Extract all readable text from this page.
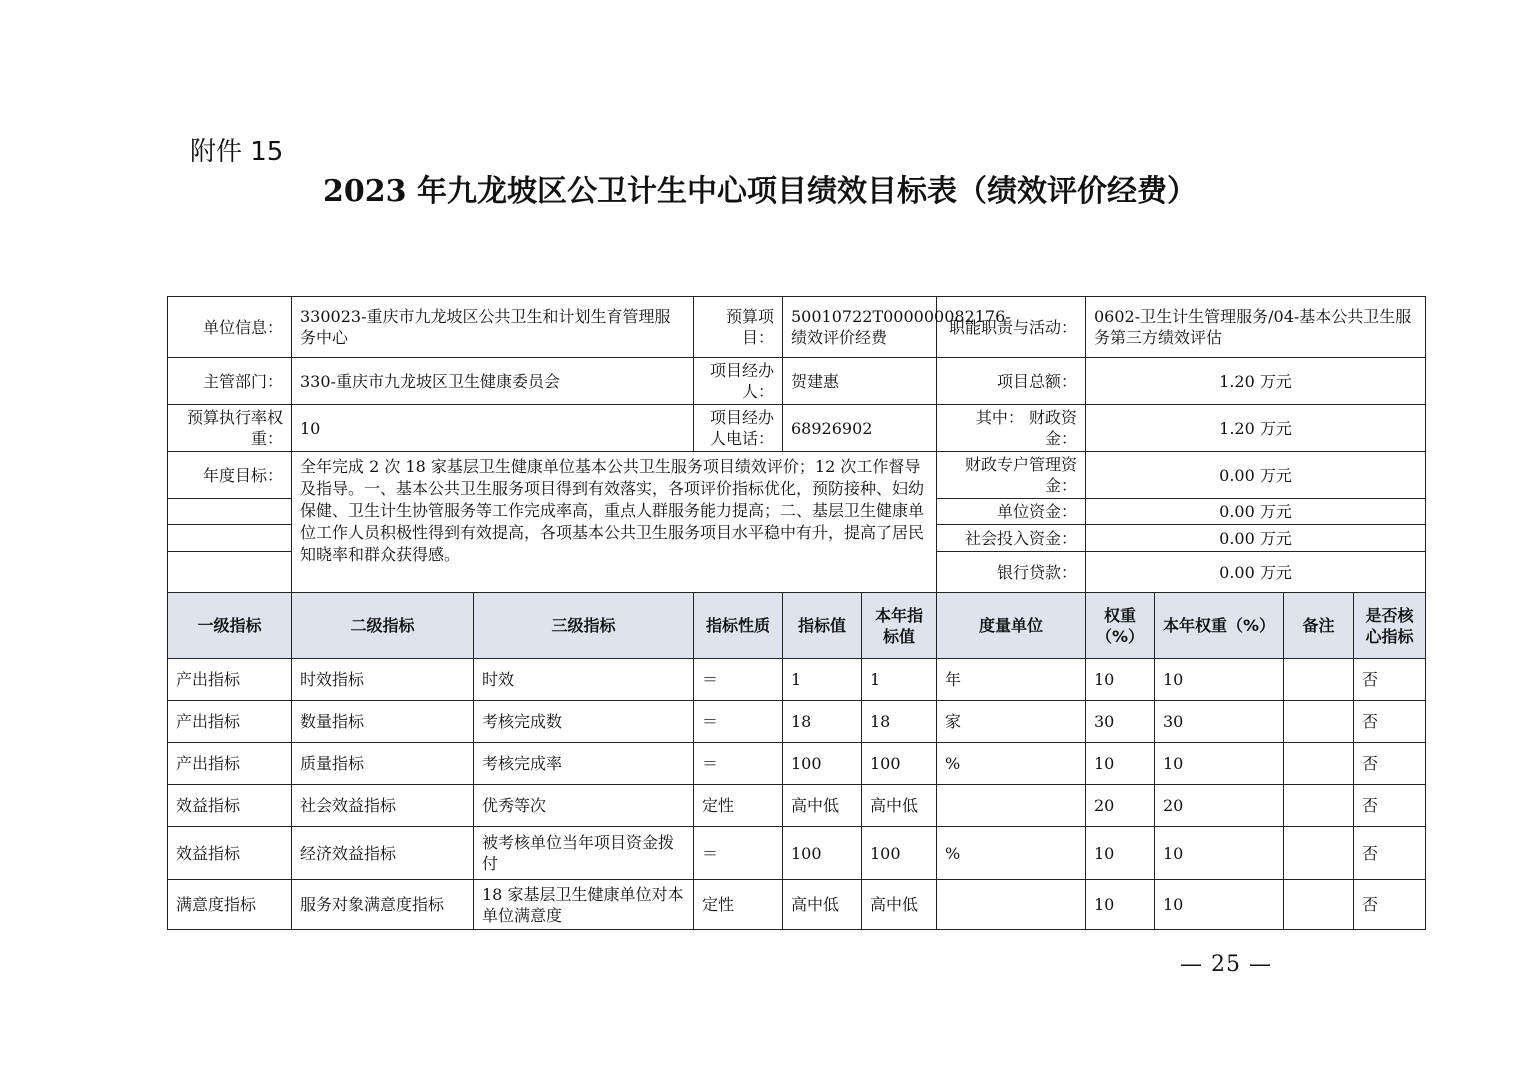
附件 15
2023 年九龙坡区公卫计生中心项目绩效目标表（绩效评价经费）
单位信息：	330023-重庆市九龙坡区公共卫生和计划生育管理服务中心		预算项目：	50010722T000000082176-绩效评价经费		职能职责与活动：	0602-卫生计生管理服务/04-基本公共卫生服务第三方绩效评估			
主管部门：	330-重庆市九龙坡区卫生健康委员会		项目经办人：	贺建惠		项目总额：	1.20 万元			
预算执行率权重：	10		项目经办人电话：	68926902		其中： 财政资金：	1.20 万元			
年度目标：	全年完成 2 次 18 家基层卫生健康单位基本公共卫生服务项目绩效评价；12 次工作督导及指导。一、基本公共卫生服务项目得到有效落实，各项评价指标优化，预防接种、妇幼保健、卫生计生协管服务等工作完成率高，重点人群服务能力提高；二、基层卫生健康单位工作人员积极性得到有效提高，各项基本公共卫生服务项目水平稳中有升，提高了居民知晓率和群众获得感。					财政专户管理资金：	0.00 万元			
						单位资金：	0.00 万元			
						社会投入资金：	0.00 万元			
						银行贷款：	0.00 万元			
一级指标	二级指标	三级指标	指标性质	指标值	本年指标值	度量单位	权重（%）	本年权重（%）	备注	是否核心指标
产出指标	时效指标	时效	＝	1	1	年	10	10		否
产出指标	数量指标	考核完成数	＝	18	18	家	30	30		否
产出指标	质量指标	考核完成率	＝	100	100	%	10	10		否
效益指标	社会效益指标	优秀等次	定性	高中低	高中低		20	20		否
效益指标	经济效益指标	被考核单位当年项目资金拨付	＝	100	100	%	10	10		否
满意度指标	服务对象满意度指标	18 家基层卫生健康单位对本单位满意度	定性	高中低	高中低		10	10		否
— 25 —
